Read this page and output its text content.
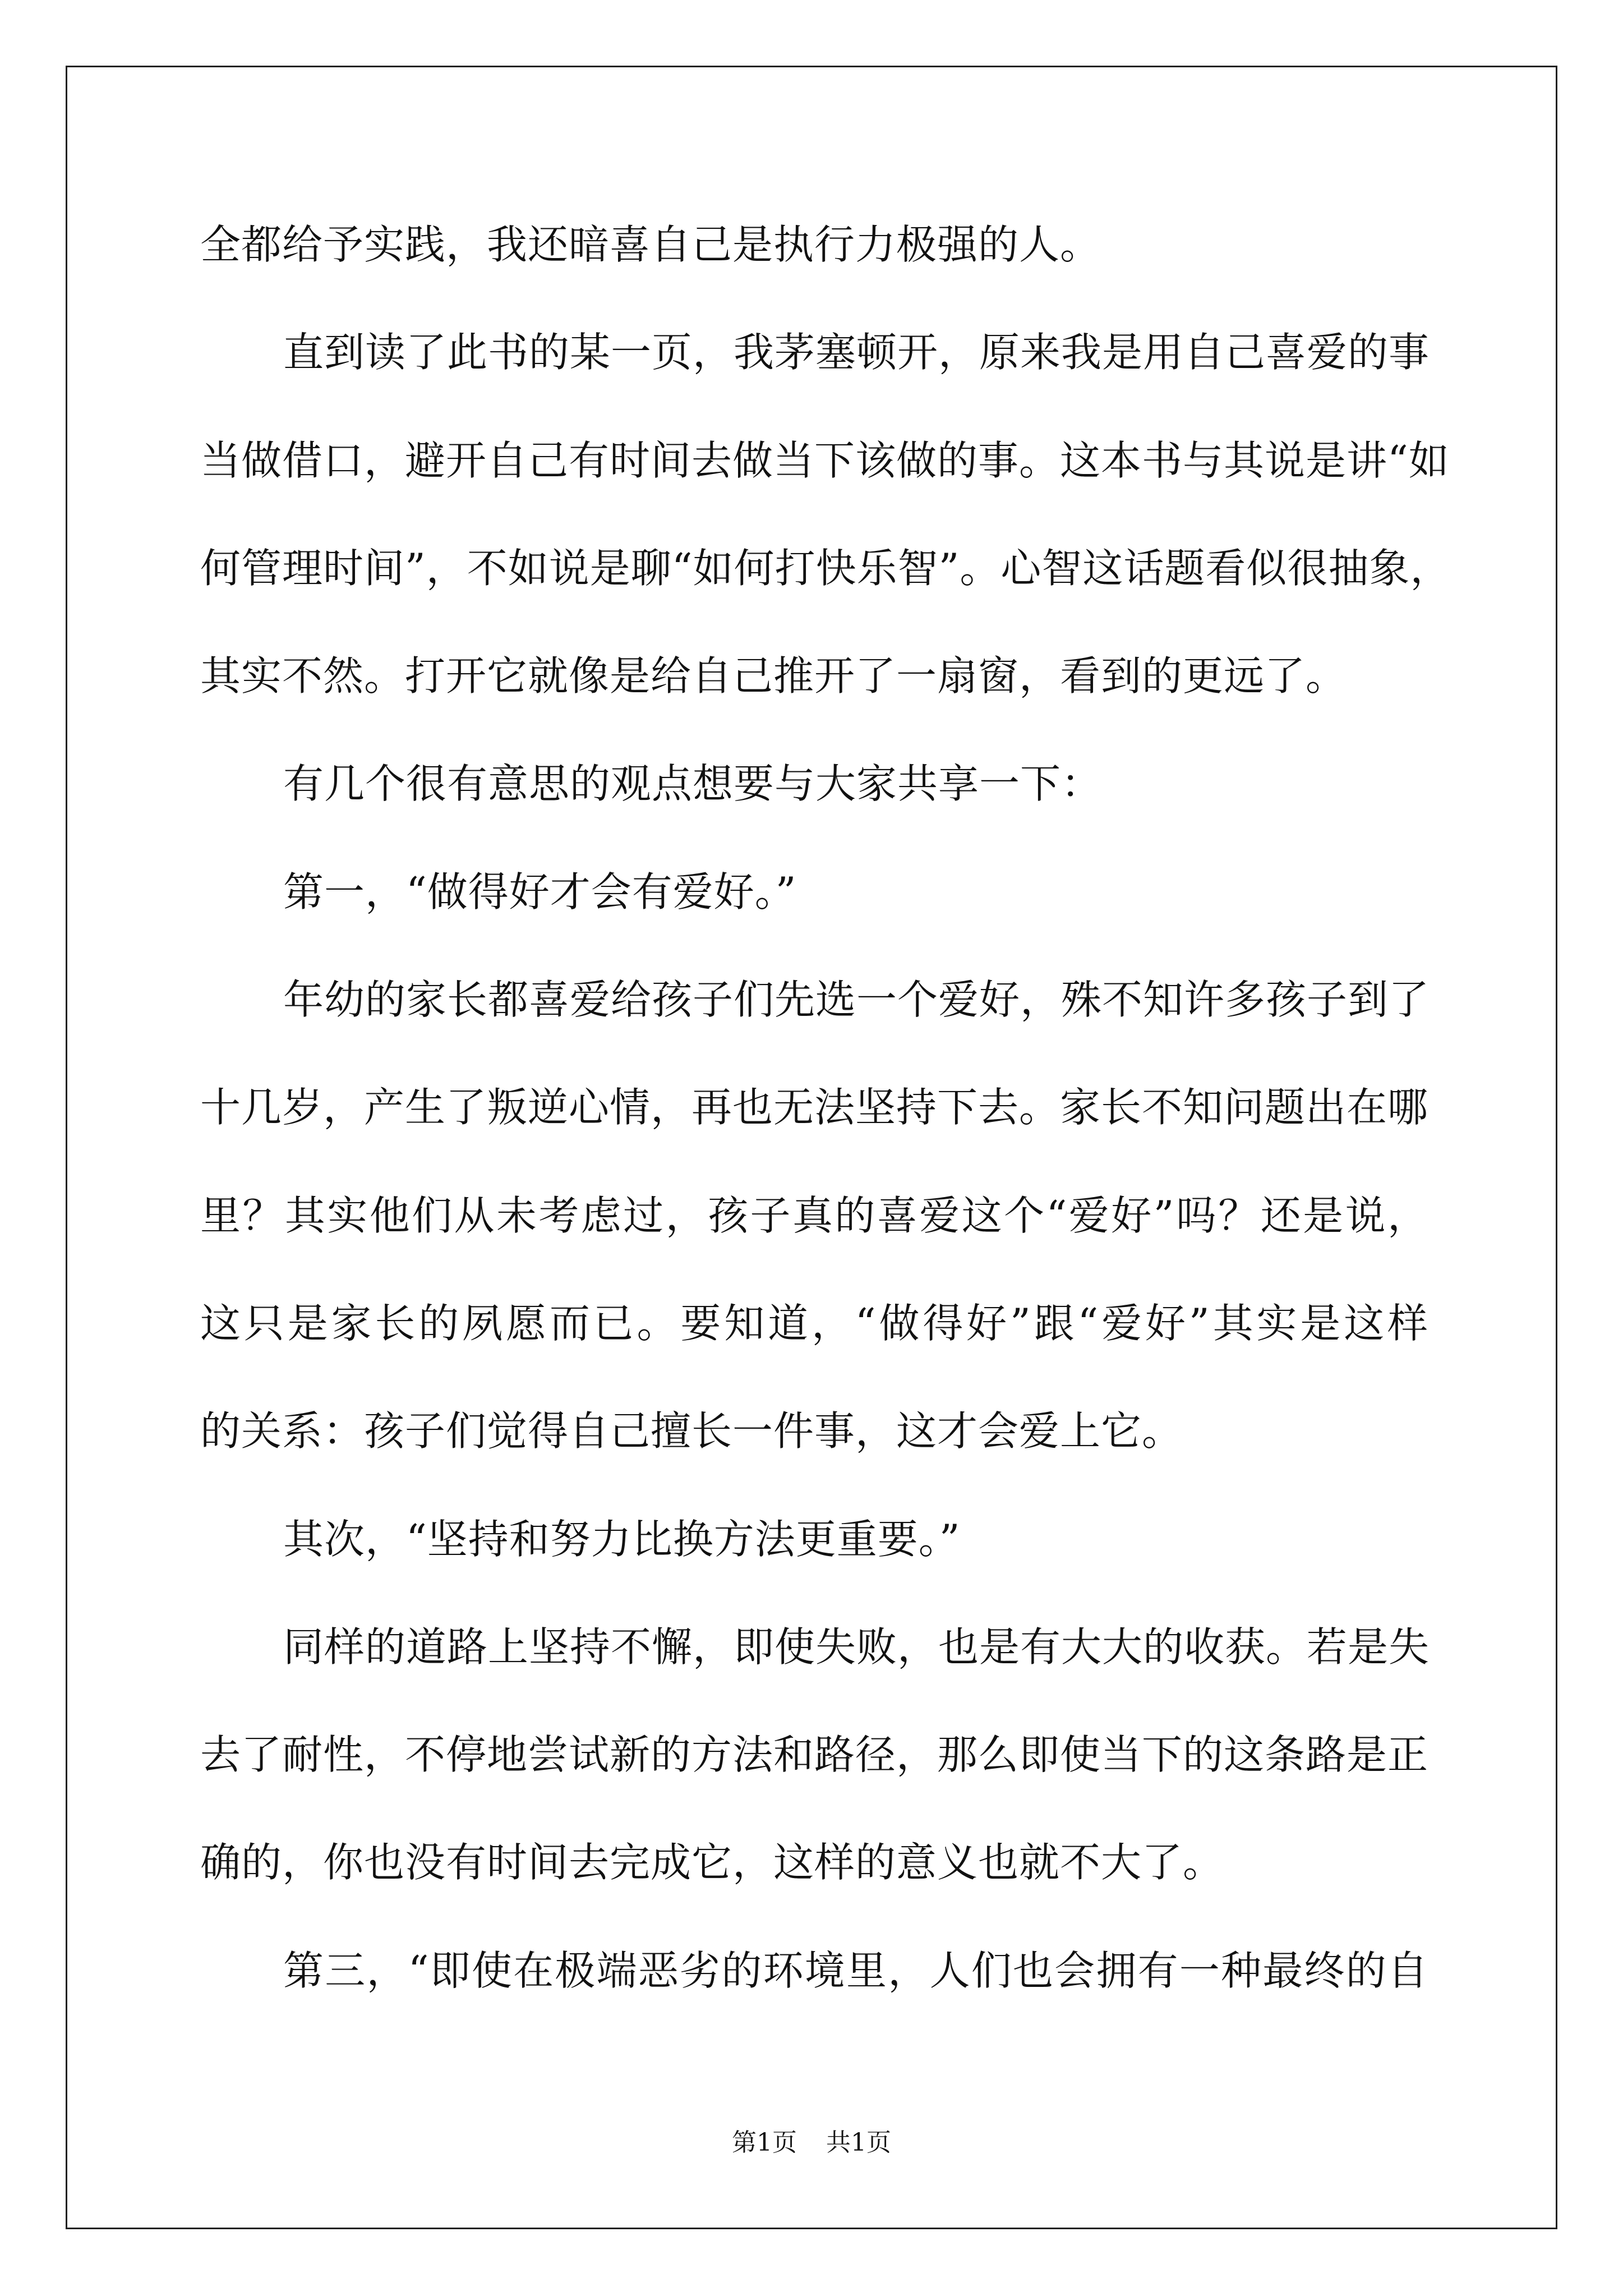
全都给予实践，我还暗喜自己是执行力极强的人。
直到读了此书的某一页，我茅塞顿开，原来我是用自己喜爱的事
当做借口，避开自己有时间去做当下该做的事。这本书与其说是讲“如
何管理时间”，不如说是聊“如何打快乐智”。心智这话题看似很抽象，
其实不然。打开它就像是给自己推开了一扇窗，看到的更远了。
有几个很有意思的观点想要与大家共享一下：
第一，“做得好才会有爱好。”
年幼的家长都喜爱给孩子们先选一个爱好，殊不知许多孩子到了
十几岁，产生了叛逆心情，再也无法坚持下去。家长不知问题出在哪
里？其实他们从未考虑过，孩子真的喜爱这个“爱好”吗？还是说，
这只是家长的夙愿而已。要知道，“做得好”跟“爱好”其实是这样
的关系：孩子们觉得自己擅长一件事，这才会爱上它。
其次，“坚持和努力比换方法更重要。”
同样的道路上坚持不懈，即使失败，也是有大大的收获。若是失
去了耐性，不停地尝试新的方法和路径，那么即使当下的这条路是正
确的，你也没有时间去完成它，这样的意义也就不大了。
第三，“即使在极端恶劣的环境里，人们也会拥有一种最终的自
第1页 共1页
